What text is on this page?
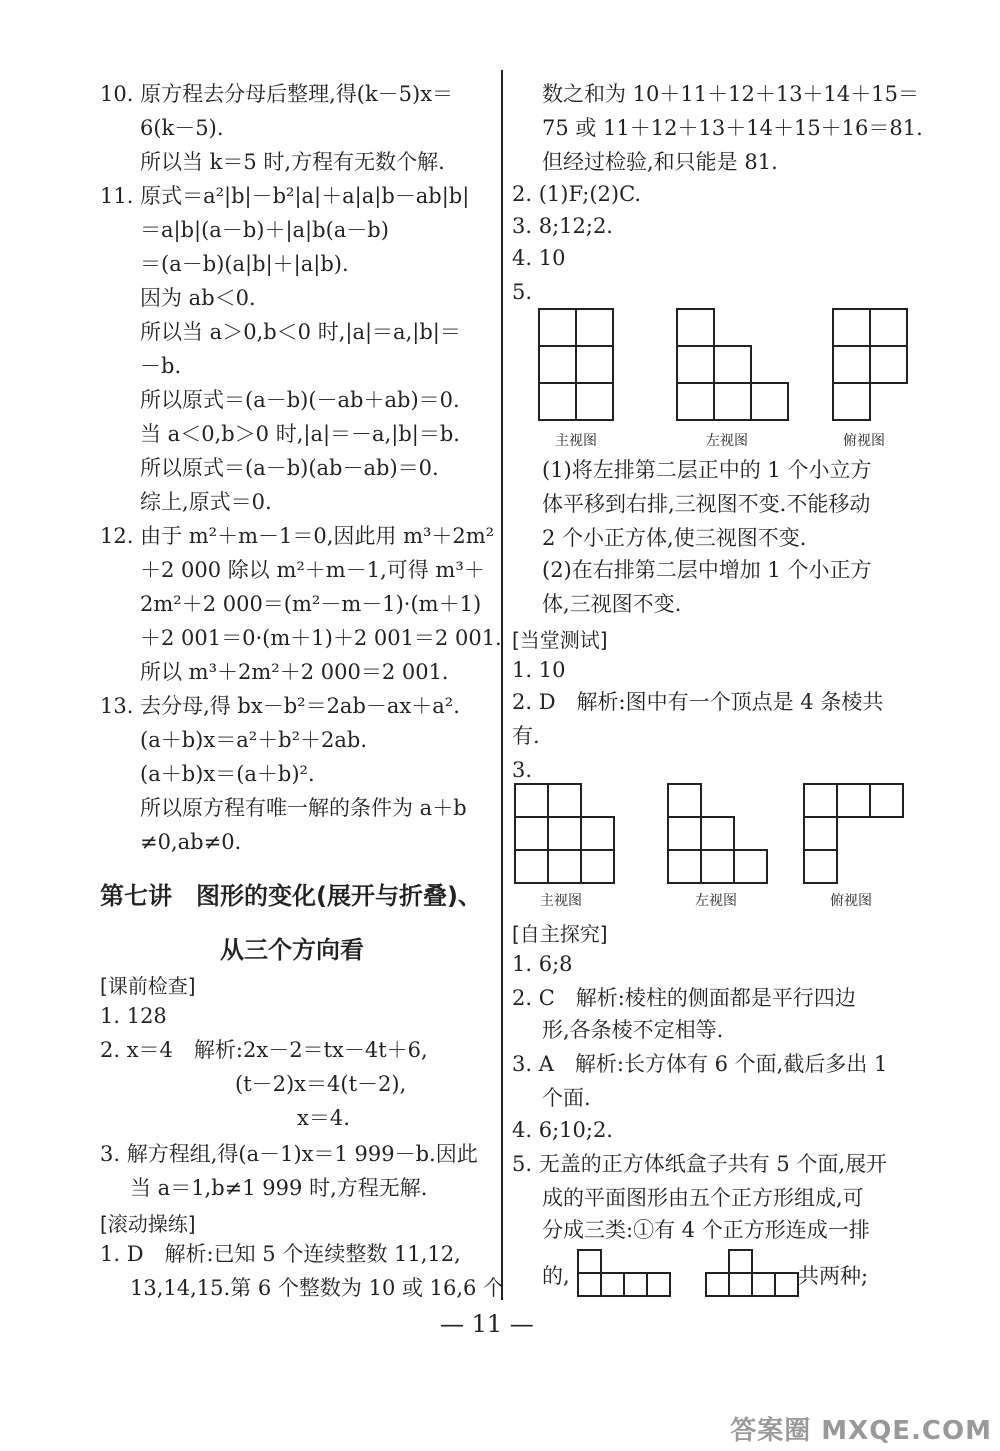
10. 原方程去分母后整理,得(k－5)x＝
6(k－5).
所以当 k＝5 时,方程有无数个解.
11. 原式＝a²|b|－b²|a|＋a|a|b－ab|b|
＝a|b|(a－b)＋|a|b(a－b)
＝(a－b)(a|b|＋|a|b).
因为 ab＜0.
所以当 a＞0,b＜0 时,|a|＝a,|b|＝
－b.
所以原式＝(a－b)(－ab＋ab)＝0.
当 a＜0,b＞0 时,|a|＝－a,|b|＝b.
所以原式＝(a－b)(ab－ab)＝0.
综上,原式＝0.
12. 由于 m²＋m－1＝0,因此用 m³＋2m²
＋2 000 除以 m²＋m－1,可得 m³＋
2m²＋2 000＝(m²－m－1)·(m＋1)
＋2 001＝0·(m＋1)＋2 001＝2 001.
所以 m³＋2m²＋2 000＝2 001.
13. 去分母,得 bx－b²＝2ab－ax＋a².
(a＋b)x＝a²＋b²＋2ab.
(a＋b)x＝(a＋b)².
所以原方程有唯一解的条件为 a＋b
≠0,ab≠0.
第七讲　图形的变化(展开与折叠)、
从三个方向看
[课前检查]
1. 128
2. x＝4　解析:2x－2＝tx－4t＋6,
(t－2)x＝4(t－2),
x＝4.
3. 解方程组,得(a－1)x＝1 999－b.因此
当 a＝1,b≠1 999 时,方程无解.
[滚动操练]
1. D　解析:已知 5 个连续整数 11,12,
13,14,15.第 6 个整数为 10 或 16,6 个
数之和为 10＋11＋12＋13＋14＋15＝
75 或 11＋12＋13＋14＋15＋16＝81.
但经过检验,和只能是 81.
2. (1)F;(2)C.
3. 8;12;2.
4. 10
5.
主视图	左视图	俯视图
(1)将左排第二层正中的 1 个小立方
体平移到右排,三视图不变.不能移动
2 个小正方体,使三视图不变.
(2)在右排第二层中增加 1 个小正方
体,三视图不变.
[当堂测试]
1. 10
2. D　解析:图中有一个顶点是 4 条棱共
有.
3.
主视图	左视图	俯视图
[自主探究]
1. 6;8
2. C　解析:棱柱的侧面都是平行四边
形,各条棱不定相等.
3. A　解析:长方体有 6 个面,截后多出 1
个面.
4. 6;10;2.
5. 无盖的正方体纸盒子共有 5 个面,展开
成的平面图形由五个正方形组成,可
分成三类:①有 4 个正方形连成一排
的,	共两种;
— 11 —
答案圈 MXQE.COM
